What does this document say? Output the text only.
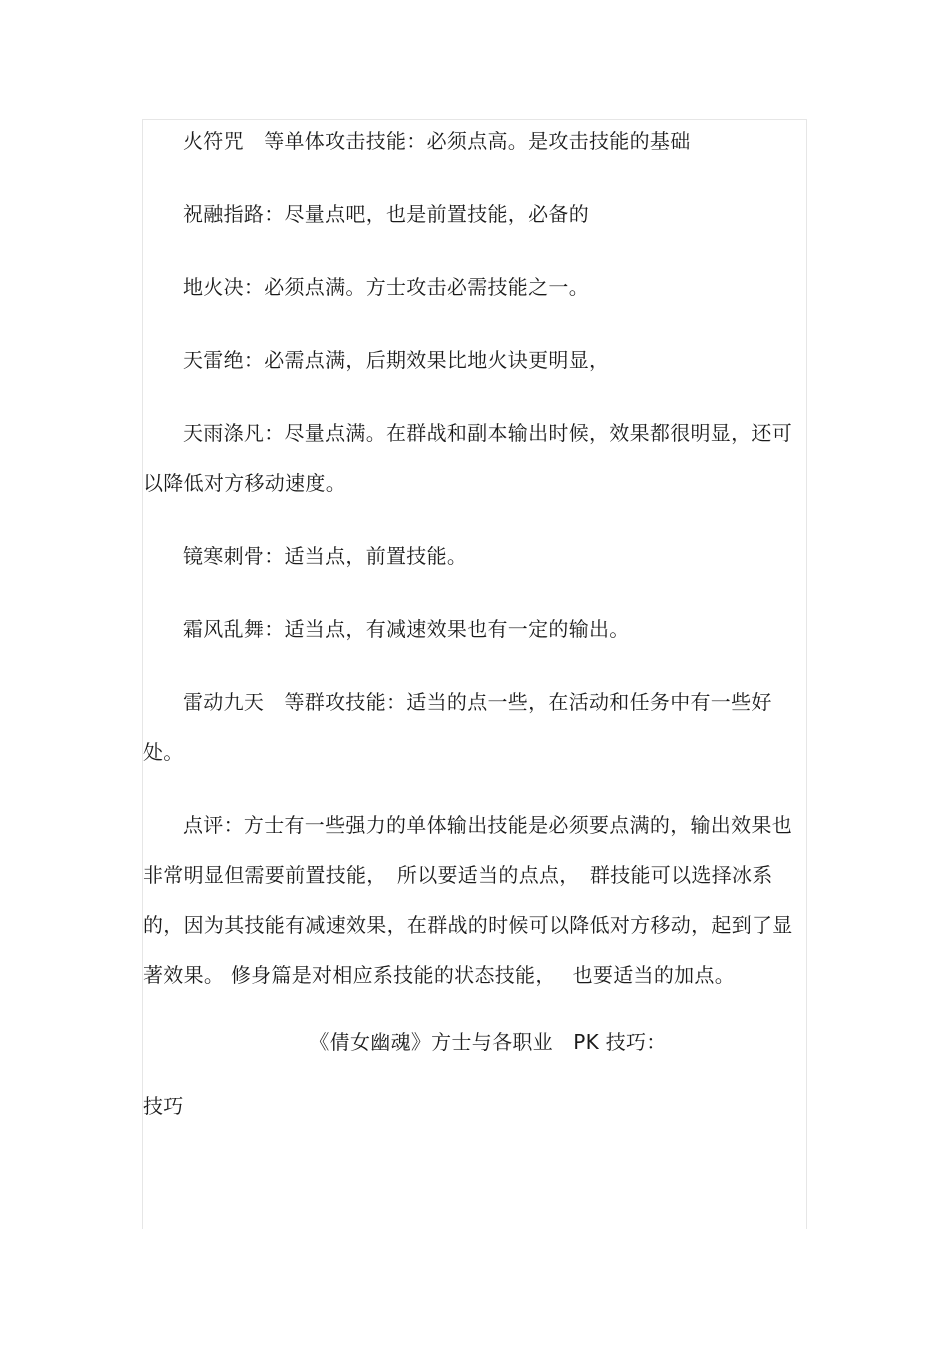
火符咒　等单体攻击技能：必须点高。是攻击技能的基础

祝融指路：尽量点吧，也是前置技能，必备的

地火决：必须点满。方士攻击必需技能之一。

天雷绝：必需点满，后期效果比地火诀更明显，

天雨涤凡：尽量点满。在群战和副本输出时候，效果都很明显，还可以降低对方移动速度。

镜寒刺骨：适当点，前置技能。

霜风乱舞：适当点，有减速效果也有一定的输出。

雷动九天　等群攻技能：适当的点一些，在活动和任务中有一些好处。

点评：方士有一些强力的单体输出技能是必须要点满的，输出效果也非常明显但需要前置技能，　所以要适当的点点，　群技能可以选择冰系的，因为其技能有减速效果，在群战的时候可以降低对方移动，起到了显著效果。 修身篇是对相应系技能的状态技能，　 也要适当的加点。

《倩女幽魂》方士与各职业　PK 技巧：

技巧
